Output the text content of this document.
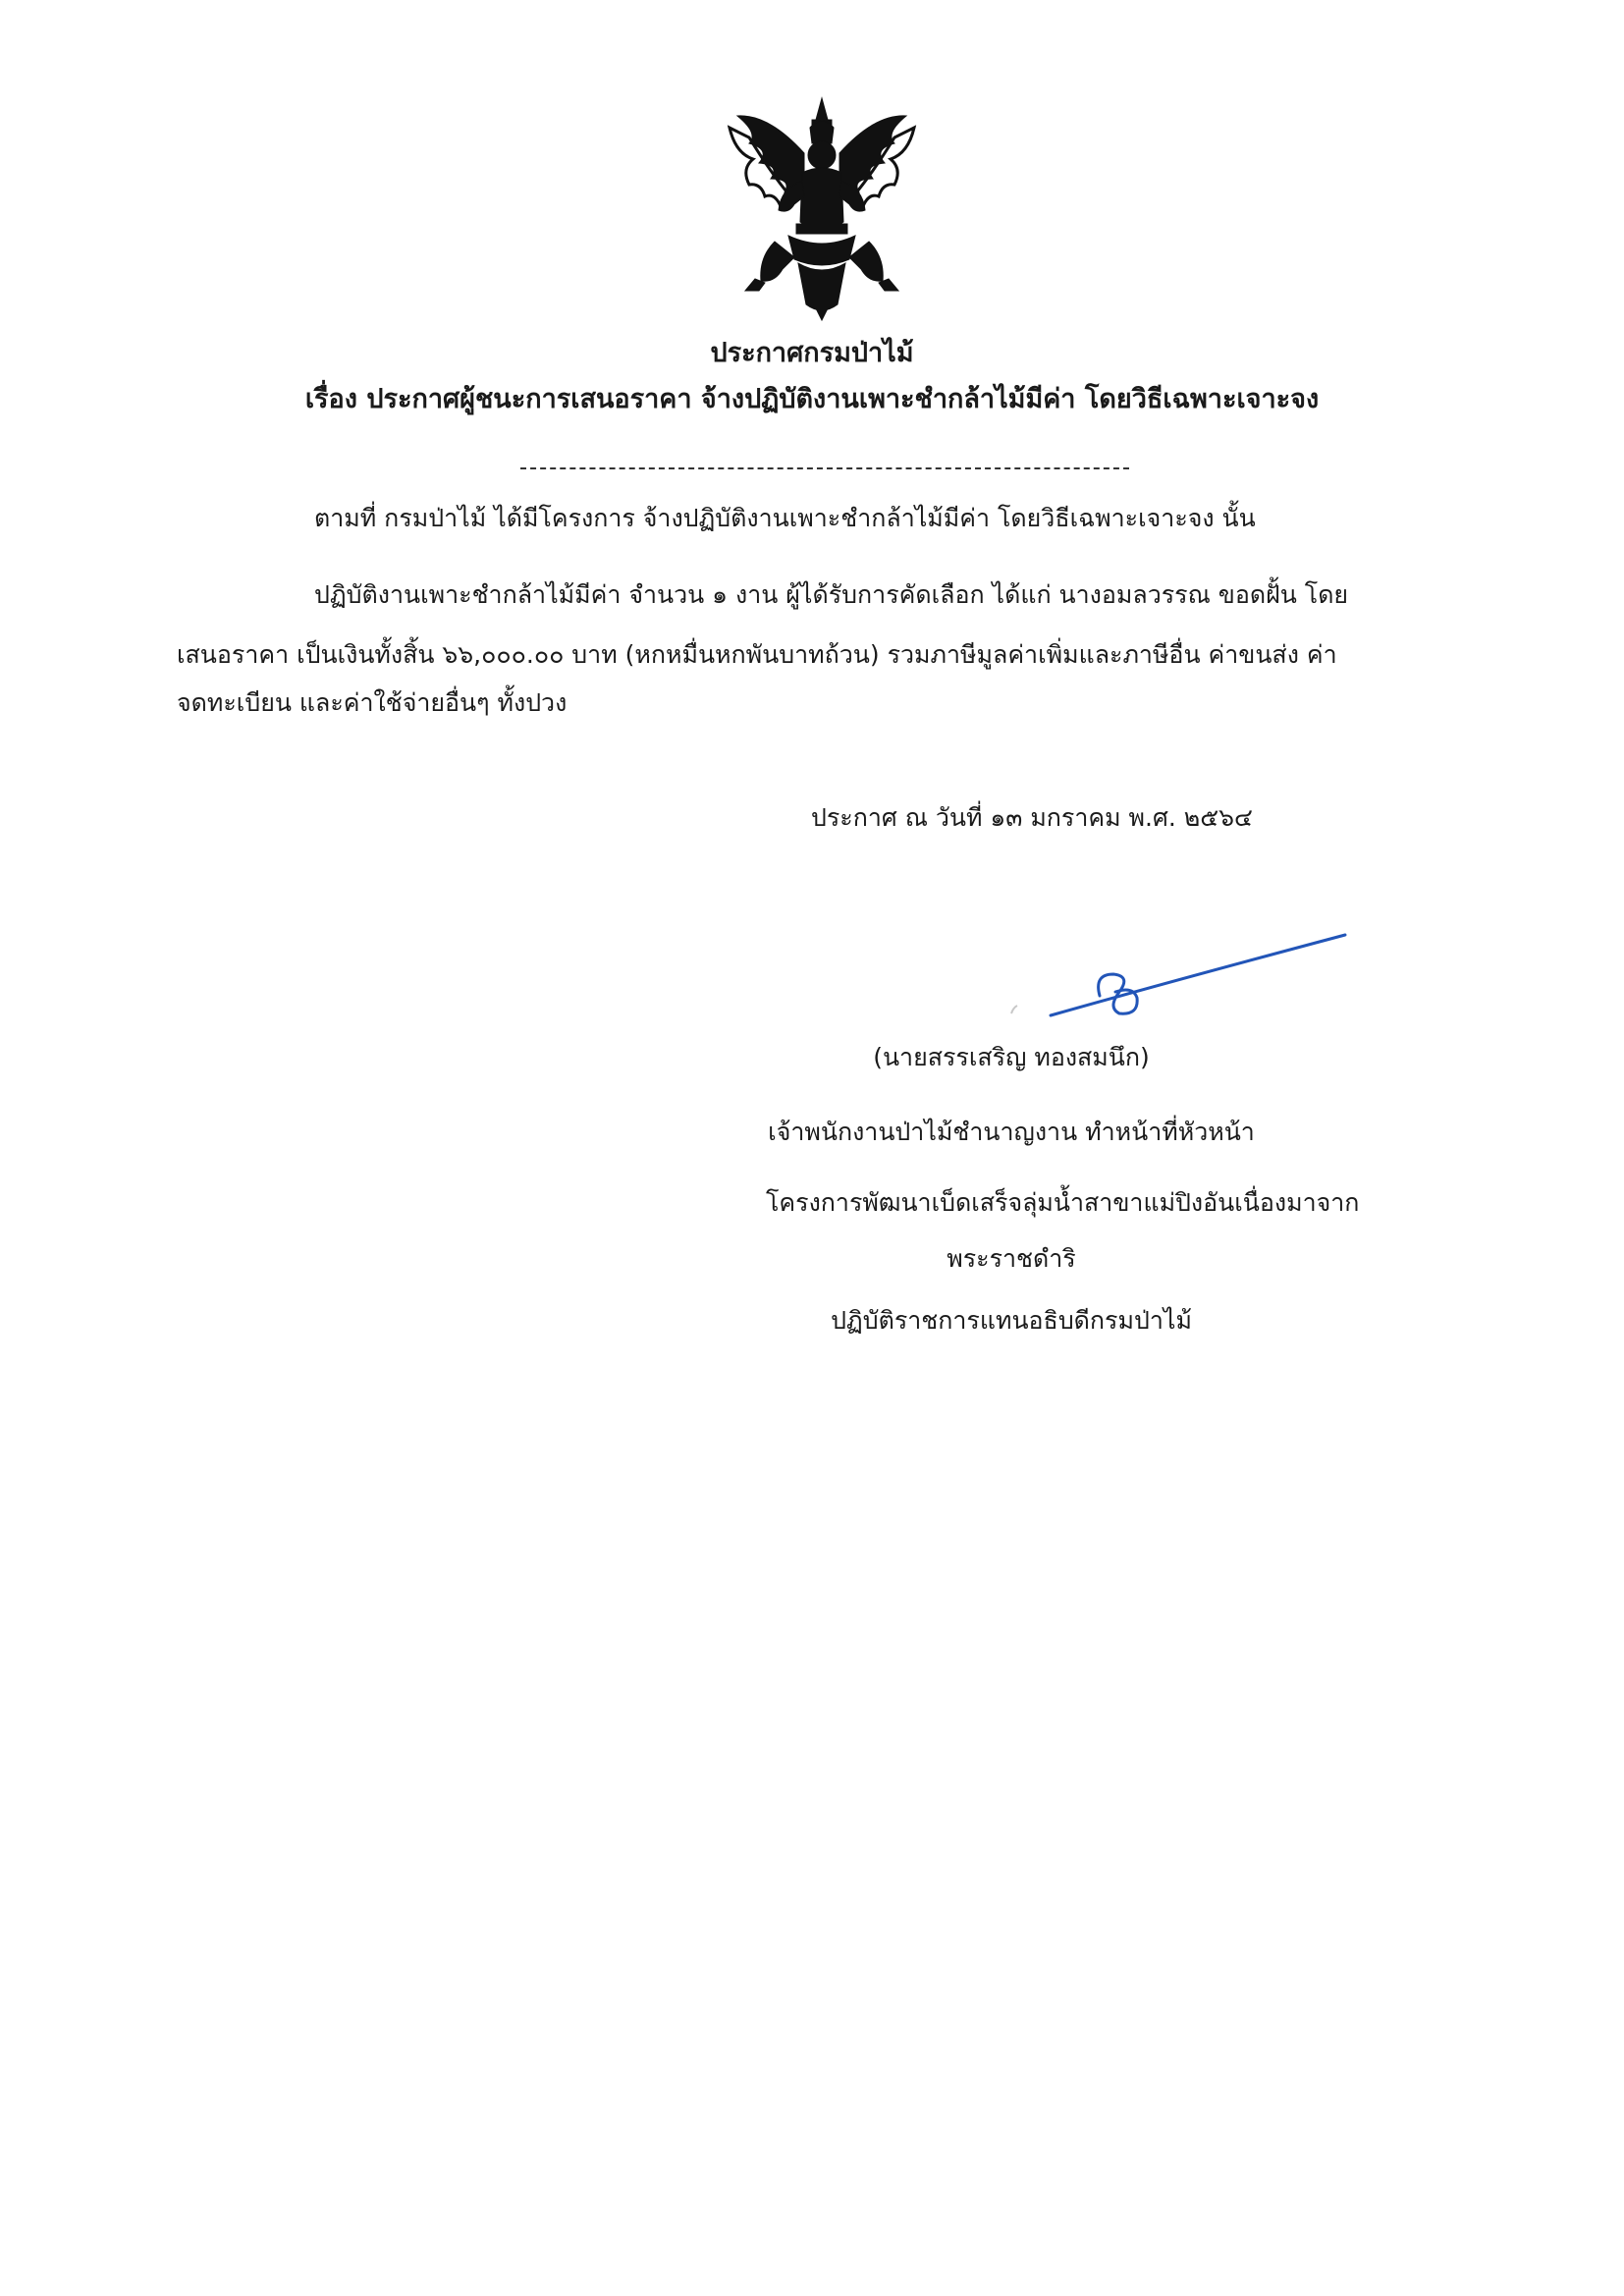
ประกาศกรมป่าไม้
เรื่อง ประกาศผู้ชนะการเสนอราคา จ้างปฏิบัติงานเพาะชำกล้าไม้มีค่า โดยวิธีเฉพาะเจาะจง
ตามที่ กรมป่าไม้ ได้มีโครงการ จ้างปฏิบัติงานเพาะชำกล้าไม้มีค่า โดยวิธีเฉพาะเจาะจง นั้น
ปฏิบัติงานเพาะชำกล้าไม้มีค่า จำนวน ๑ งาน ผู้ได้รับการคัดเลือก ได้แก่ นางอมลวรรณ ขอดฝั้น โดย
เสนอราคา เป็นเงินทั้งสิ้น ๖๖,๐๐๐.๐๐ บาท (หกหมื่นหกพันบาทถ้วน) รวมภาษีมูลค่าเพิ่มและภาษีอื่น ค่าขนส่ง ค่า
จดทะเบียน และค่าใช้จ่ายอื่นๆ ทั้งปวง
ประกาศ ณ วันที่ ๑๓ มกราคม พ.ศ. ๒๕๖๔
(นายสรรเสริญ ทองสมนึก)
เจ้าพนักงานป่าไม้ชำนาญงาน ทำหน้าที่หัวหน้า
โครงการพัฒนาเบ็ดเสร็จลุ่มน้ำสาขาแม่ปิงอันเนื่องมาจาก
พระราชดำริ
ปฏิบัติราชการแทนอธิบดีกรมป่าไม้
